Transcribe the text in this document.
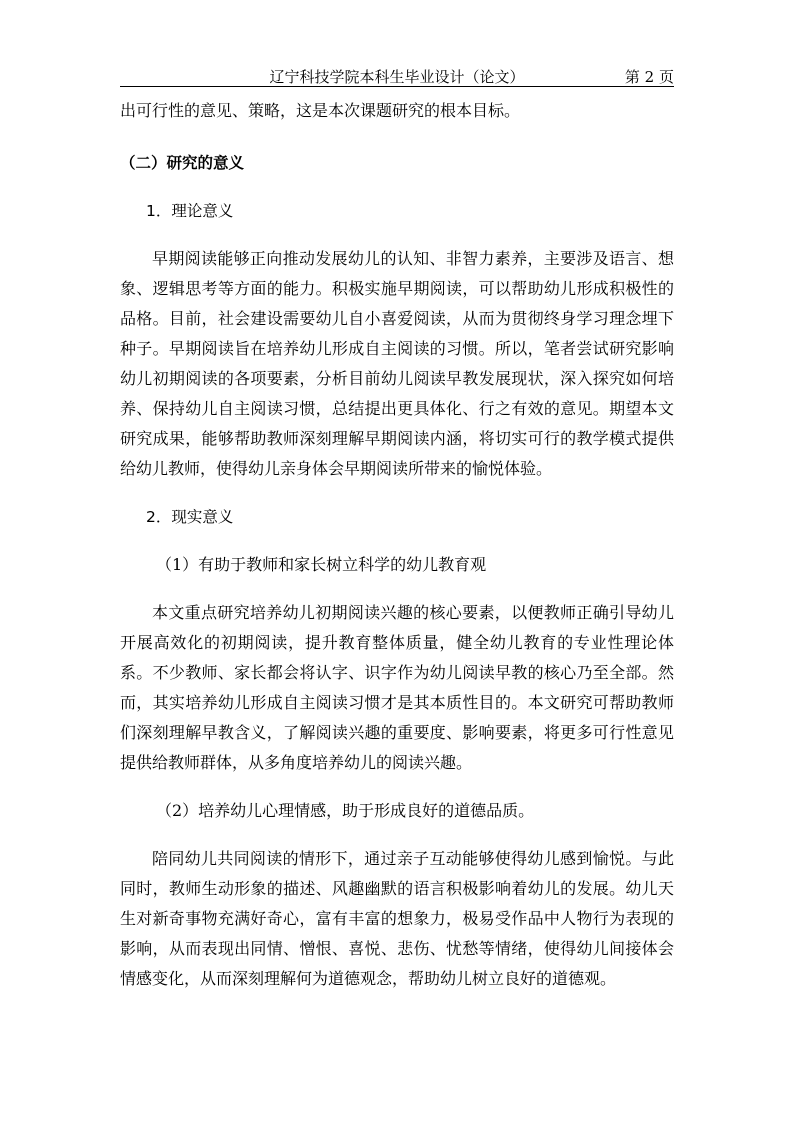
辽宁科技学院本科生毕业设计（论文）	第 2 页

出可行性的意见、策略，这是本次课题研究的根本目标。

（二）研究的意义

1．理论意义

早期阅读能够正向推动发展幼儿的认知、非智力素养，主要涉及语言、想象、逻辑思考等方面的能力。积极实施早期阅读，可以帮助幼儿形成积极性的品格。目前，社会建设需要幼儿自小喜爱阅读，从而为贯彻终身学习理念埋下种子。早期阅读旨在培养幼儿形成自主阅读的习惯。所以，笔者尝试研究影响幼儿初期阅读的各项要素，分析目前幼儿阅读早教发展现状，深入探究如何培养、保持幼儿自主阅读习惯，总结提出更具体化、行之有效的意见。期望本文研究成果，能够帮助教师深刻理解早期阅读内涵，将切实可行的教学模式提供给幼儿教师，使得幼儿亲身体会早期阅读所带来的愉悦体验。

2．现实意义

（1）有助于教师和家长树立科学的幼儿教育观

本文重点研究培养幼儿初期阅读兴趣的核心要素，以便教师正确引导幼儿开展高效化的初期阅读，提升教育整体质量，健全幼儿教育的专业性理论体系。不少教师、家长都会将认字、识字作为幼儿阅读早教的核心乃至全部。然而，其实培养幼儿形成自主阅读习惯才是其本质性目的。本文研究可帮助教师们深刻理解早教含义，了解阅读兴趣的重要度、影响要素，将更多可行性意见提供给教师群体，从多角度培养幼儿的阅读兴趣。

（2）培养幼儿心理情感，助于形成良好的道德品质。

陪同幼儿共同阅读的情形下，通过亲子互动能够使得幼儿感到愉悦。与此同时，教师生动形象的描述、风趣幽默的语言积极影响着幼儿的发展。幼儿天生对新奇事物充满好奇心，富有丰富的想象力，极易受作品中人物行为表现的影响，从而表现出同情、憎恨、喜悦、悲伤、忧愁等情绪，使得幼儿间接体会情感变化，从而深刻理解何为道德观念，帮助幼儿树立良好的道德观。
